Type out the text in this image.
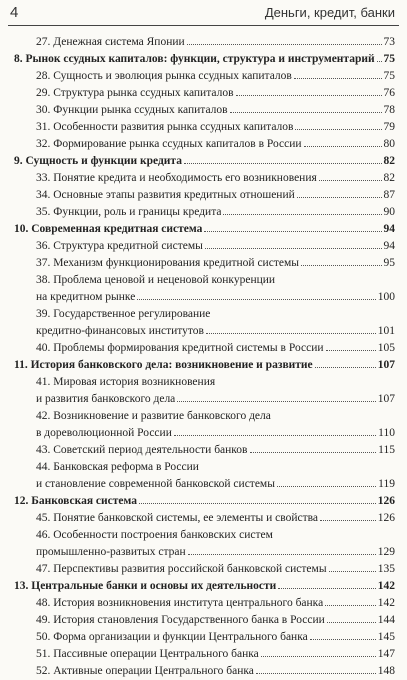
4	Деньги, кредит, банки
27. Денежная система Японии	73
8. Рынок ссудных капиталов: функции, структура и инструментарий 75
28. Сущность и эволюция рынка ссудных капиталов	75
29. Структура рынка ссудных капиталов	76
30. Функции рынка ссудных капиталов	78
31. Особенности развития рынка ссудных капиталов	79
32. Формирование рынка ссудных капиталов в России	80
9. Сущность и функции кредита	82
33. Понятие кредита и необходимость его возникновения	82
34. Основные этапы развития кредитных отношений	87
35. Функции, роль и границы кредита	90
10. Современная кредитная система	94
36. Структура кредитной системы	94
37. Механизм функционирования кредитной системы	95
38. Проблема ценовой и неценовой конкуренции
на кредитном рынке	100
39. Государственное регулирование
кредитно-финансовых институтов	101
40. Проблемы формирования кредитной системы в России	105
11. История банковского дела: возникновение и развитие	107
41. Мировая история возникновения
и развития банковского дела	107
42. Возникновение и развитие банковского дела
в дореволюционной России	110
43. Советский период деятельности банков	115
44. Банковская реформа в России
и становление современной банковской системы	119
12. Банковская система	126
45. Понятие банковской системы, ее элементы и свойства	126
46. Особенности построения банковских систем
промышленно-развитых стран	129
47. Перспективы развития российской банковской системы	135
13. Центральные банки и основы их деятельности	142
48. История возникновения института центрального банка	142
49. История становления Государственного банка в России	144
50. Форма организации и функции Центрального банка	145
51. Пассивные операции Центрального банка	147
52. Активные операции Центрального банка	148
